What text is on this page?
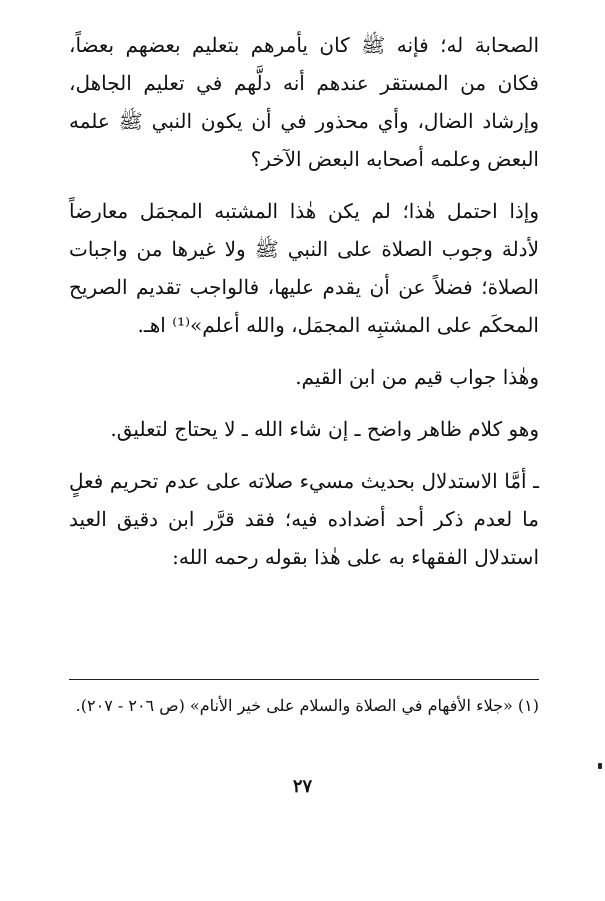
الصحابة له؛ فإنه ﷺ كان يأمرهم بتعليم بعضهم بعضاً، فكان من المستقر عندهم أنه دلَّهم في تعليم الجاهل، وإرشاد الضال، وأي محذور في أن يكون النبي ﷺ علمه البعض وعلمه أصحابه البعض الآخر؟

وإذا احتمل هٰذا؛ لم يكن هٰذا المشتبه المجمَل معارضاً لأدلة وجوب الصلاة على النبي ﷺ ولا غيرها من واجبات الصلاة؛ فضلاً عن أن يقدم عليها، فالواجب تقديم الصريح المحكَم على المشتبِه المجمَل، والله أعلم»⁽¹⁾ اهـ.

وهٰذا جواب قيم من ابن القيم.

وهو كلام ظاهر واضح ـ إن شاء الله ـ لا يحتاج لتعليق.

ـ أمَّا الاستدلال بحديث مسيء صلاته على عدم تحريم فعلٍ ما لعدم ذكر أحد أضداده فيه؛ فقد قرَّر ابن دقيق العيد استدلال الفقهاء به على هٰذا بقوله رحمه الله:

(١) «جلاء الأفهام في الصلاة والسلام على خير الأنام» (ص ٢٠٦ - ٢٠٧).
٢٧
